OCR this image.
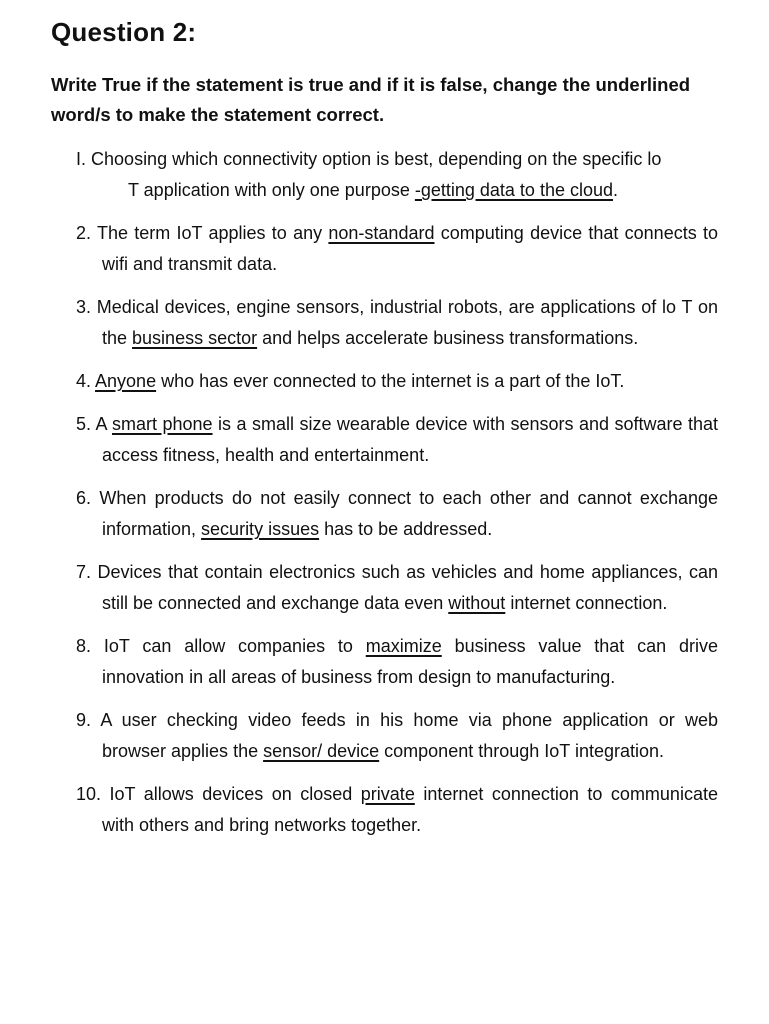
Question 2:

Write True if the statement is true and if it is false, change the underlined word/s to make the statement correct.

I. Choosing which connectivity option is best, depending on the specific lo
T application with only one purpose -getting data to the cloud.
2. The term IoT applies to any non-standard computing device that connects to wifi and transmit data.
3. Medical devices, engine sensors, industrial robots, are applications of lo T on the business sector and helps accelerate business transformations.
4. Anyone who has ever connected to the internet is a part of the IoT.
5. A smart phone is a small size wearable device with sensors and software that access fitness, health and entertainment.
6. When products do not easily connect to each other and cannot exchange information, security issues has to be addressed.
7. Devices that contain electronics such as vehicles and home appliances, can still be connected and exchange data even without internet connection.
8. IoT can allow companies to maximize business value that can drive innovation in all areas of business from design to manufacturing.
9. A user checking video feeds in his home via phone application or web browser applies the sensor/ device component through IoT integration.
10. IoT allows devices on closed private internet connection to communicate with others and bring networks together.
